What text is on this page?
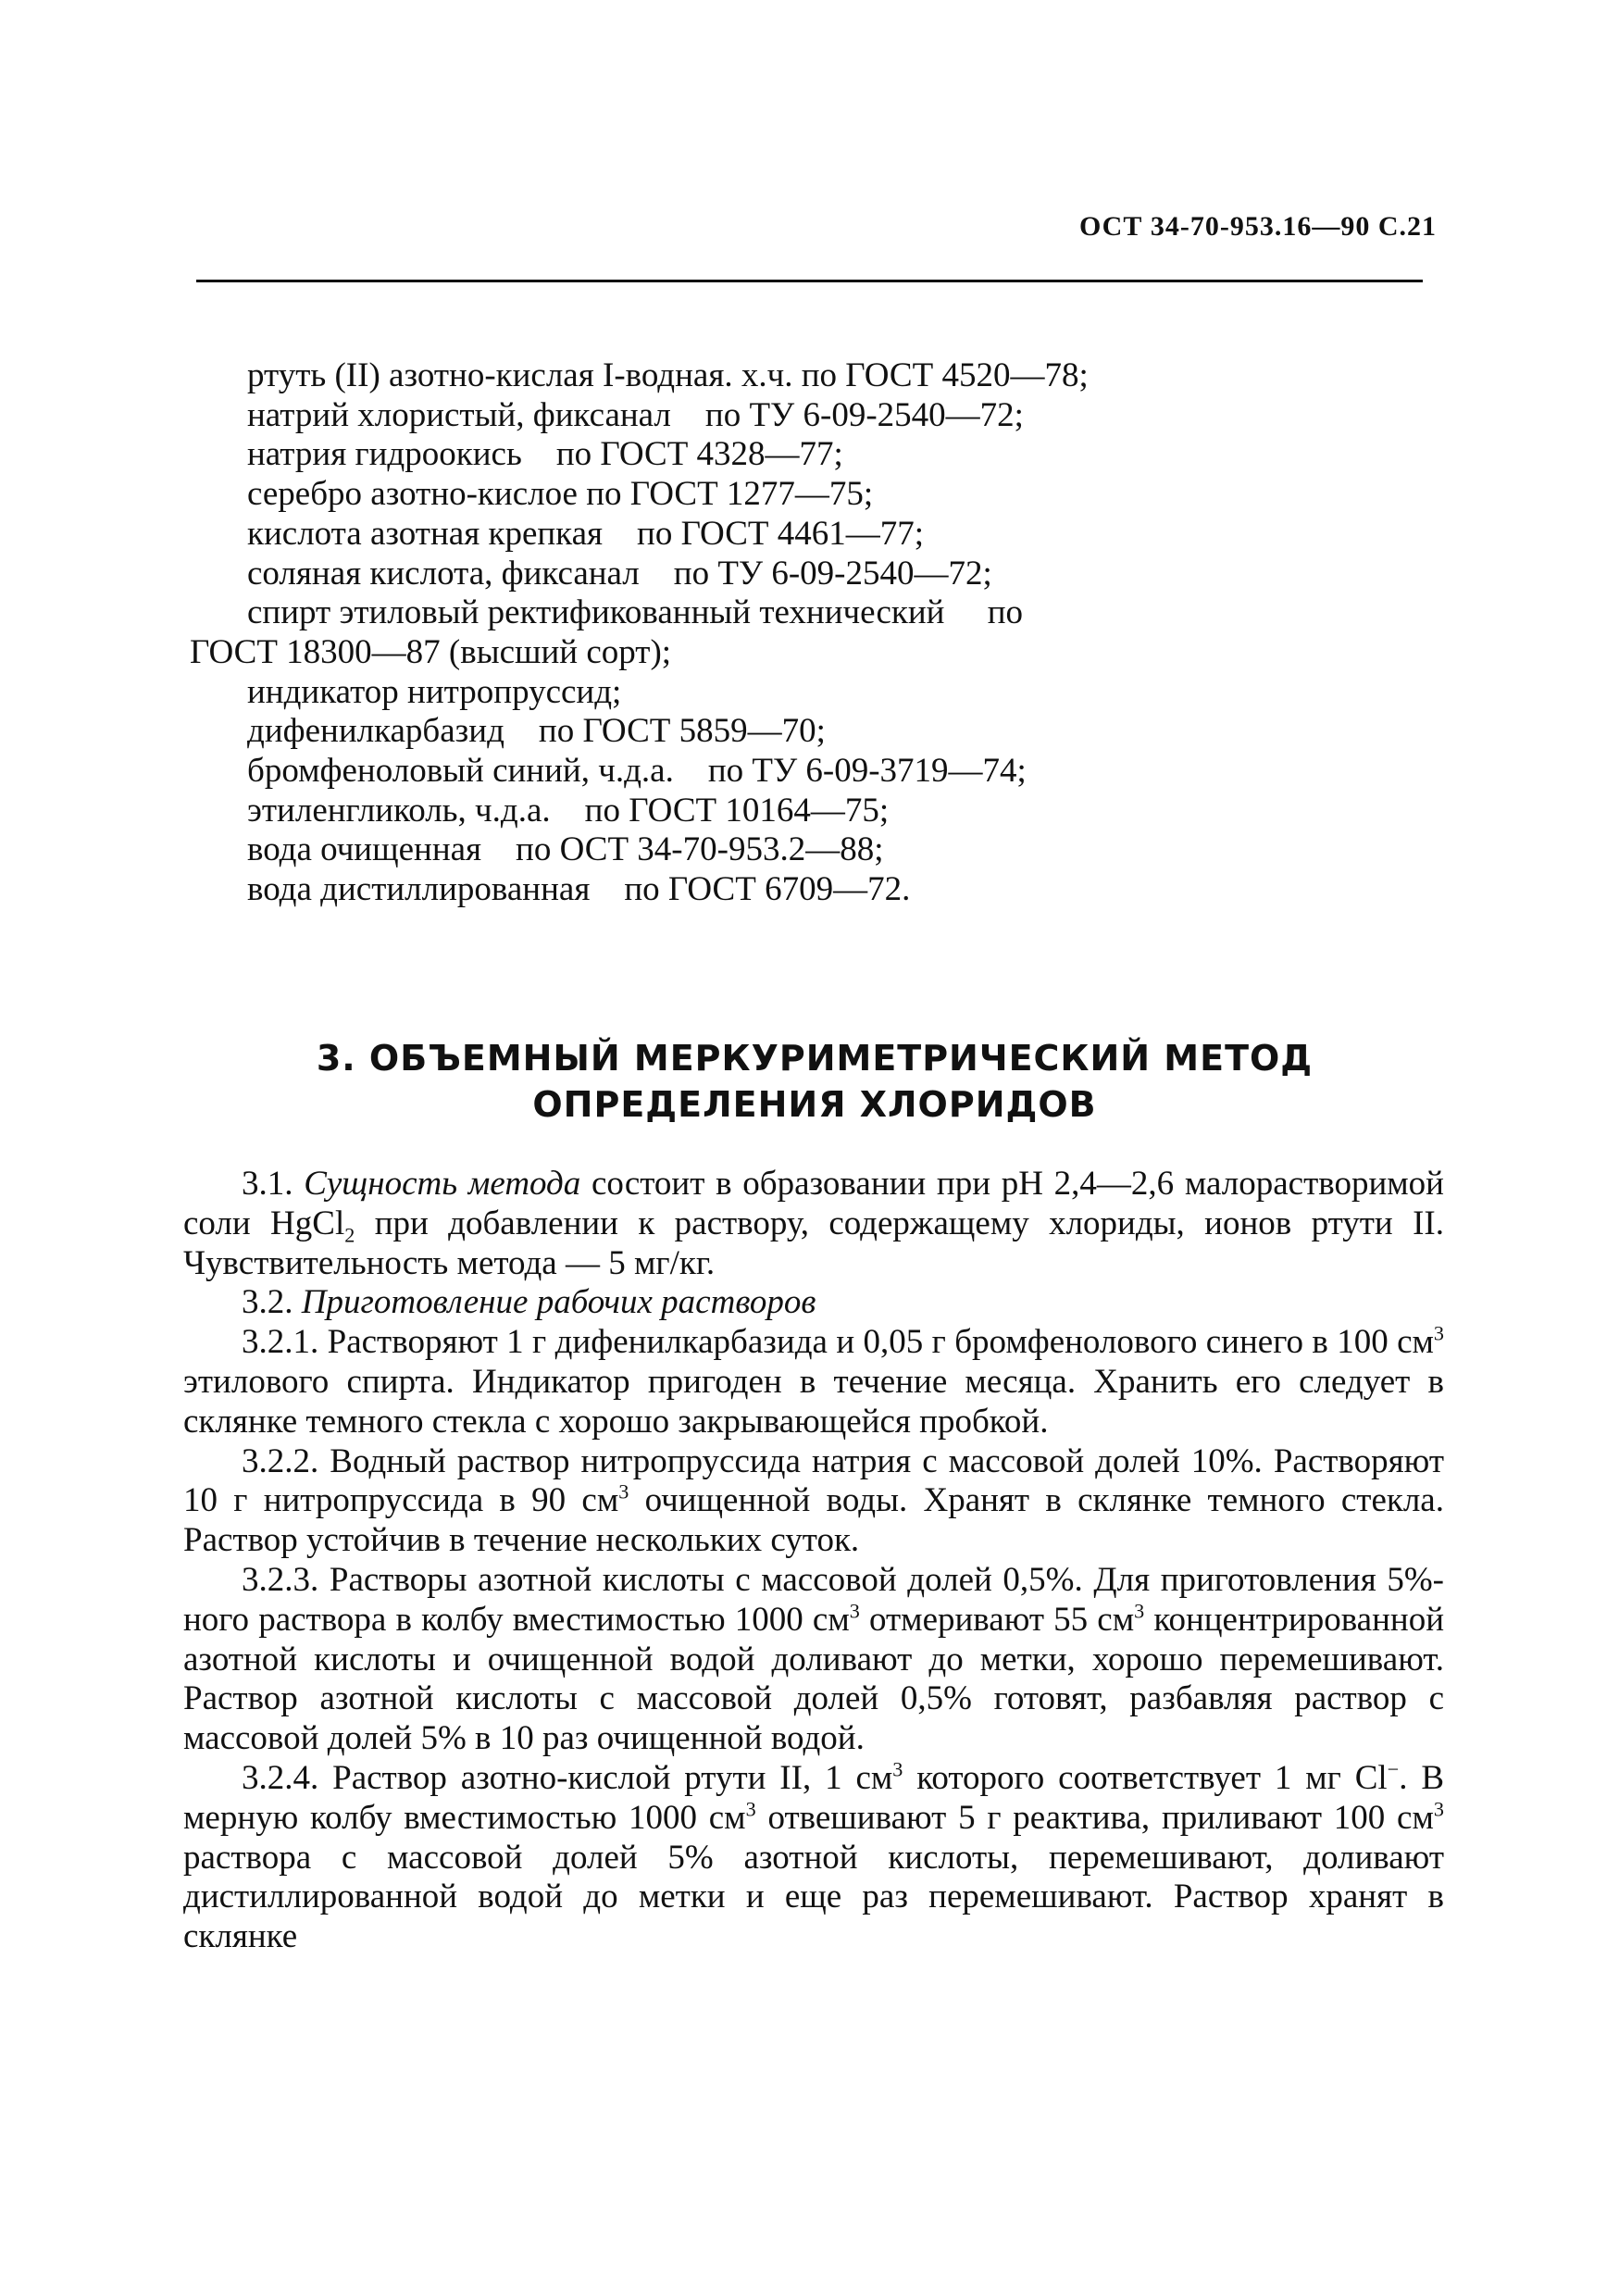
ОСТ 34-70-953.16—90 С.21
ртуть (II) азотно-кислая I-водная. х.ч. по ГОСТ 4520—78;
натрий хлористый, фиксанал    по ТУ 6-09-2540—72;
натрия гидроокись    по ГОСТ 4328—77;
серебро азотно-кислое по ГОСТ 1277—75;
кислота азотная крепкая    по ГОСТ 4461—77;
соляная кислота, фиксанал    по ТУ 6-09-2540—72;
спирт этиловый ректификованный технический     по
ГОСТ 18300—87 (высший сорт);
индикатор нитропруссид;
дифенилкарбазид    по ГОСТ 5859—70;
бромфеноловый синий, ч.д.а.    по ТУ 6-09-3719—74;
этиленгликоль, ч.д.а.    по ГОСТ 10164—75;
вода очищенная    по ОСТ 34-70-953.2—88;
вода дистиллированная    по ГОСТ 6709—72.
3. ОБЪЕМНЫЙ МЕРКУРИМЕТРИЧЕСКИЙ МЕТОД
ОПРЕДЕЛЕНИЯ ХЛОРИДОВ

3.1. Сущность метода состоит в образовании при pH 2,4—2,6 малорастворимой соли HgCl$_2$ при добавлении к раствору, содержащему хлориды, ионов ртути II. Чувствительность метода — 5 мг/кг.

3.2. Приготовление рабочих растворов

3.2.1. Растворяют 1 г дифенилкарбазида и 0,05 г бромфенолового синего в 100 $см^3$ этилового спирта. Индикатор пригоден в течение месяца. Хранить его следует в склянке темного стекла с хорошо закрывающейся пробкой.

3.2.2. Водный раствор нитропруссида натрия с массовой долей 10%. Растворяют 10 г нитропруссида в 90 $см^3$ очищенной воды. Хранят в склянке темного стекла. Раствор устойчив в течение нескольких суток.

3.2.3. Растворы азотной кислоты с массовой долей 0,5%. Для приготовления 5%-ного раствора в колбу вместимостью 1000 $см^3$ отмеривают 55 $см^3$ концентрированной азотной кислоты и очищенной водой доливают до метки, хорошо перемешивают. Раствор азотной кислоты с массовой долей 0,5% готовят, разбавляя раствор с массовой долей 5% в 10 раз очищенной водой.

3.2.4. Раствор азотно-кислой ртути II, 1 $см^3$ которого соответствует 1 мг Cl−. В мерную колбу вместимостью 1000 $см^3$ отвешивают 5 г реактива, приливают 100 $см^3$ раствора с массовой долей 5% азотной кислоты, перемешивают, доливают дистиллированной водой до метки и еще раз перемешивают. Раствор хранят в склянке
